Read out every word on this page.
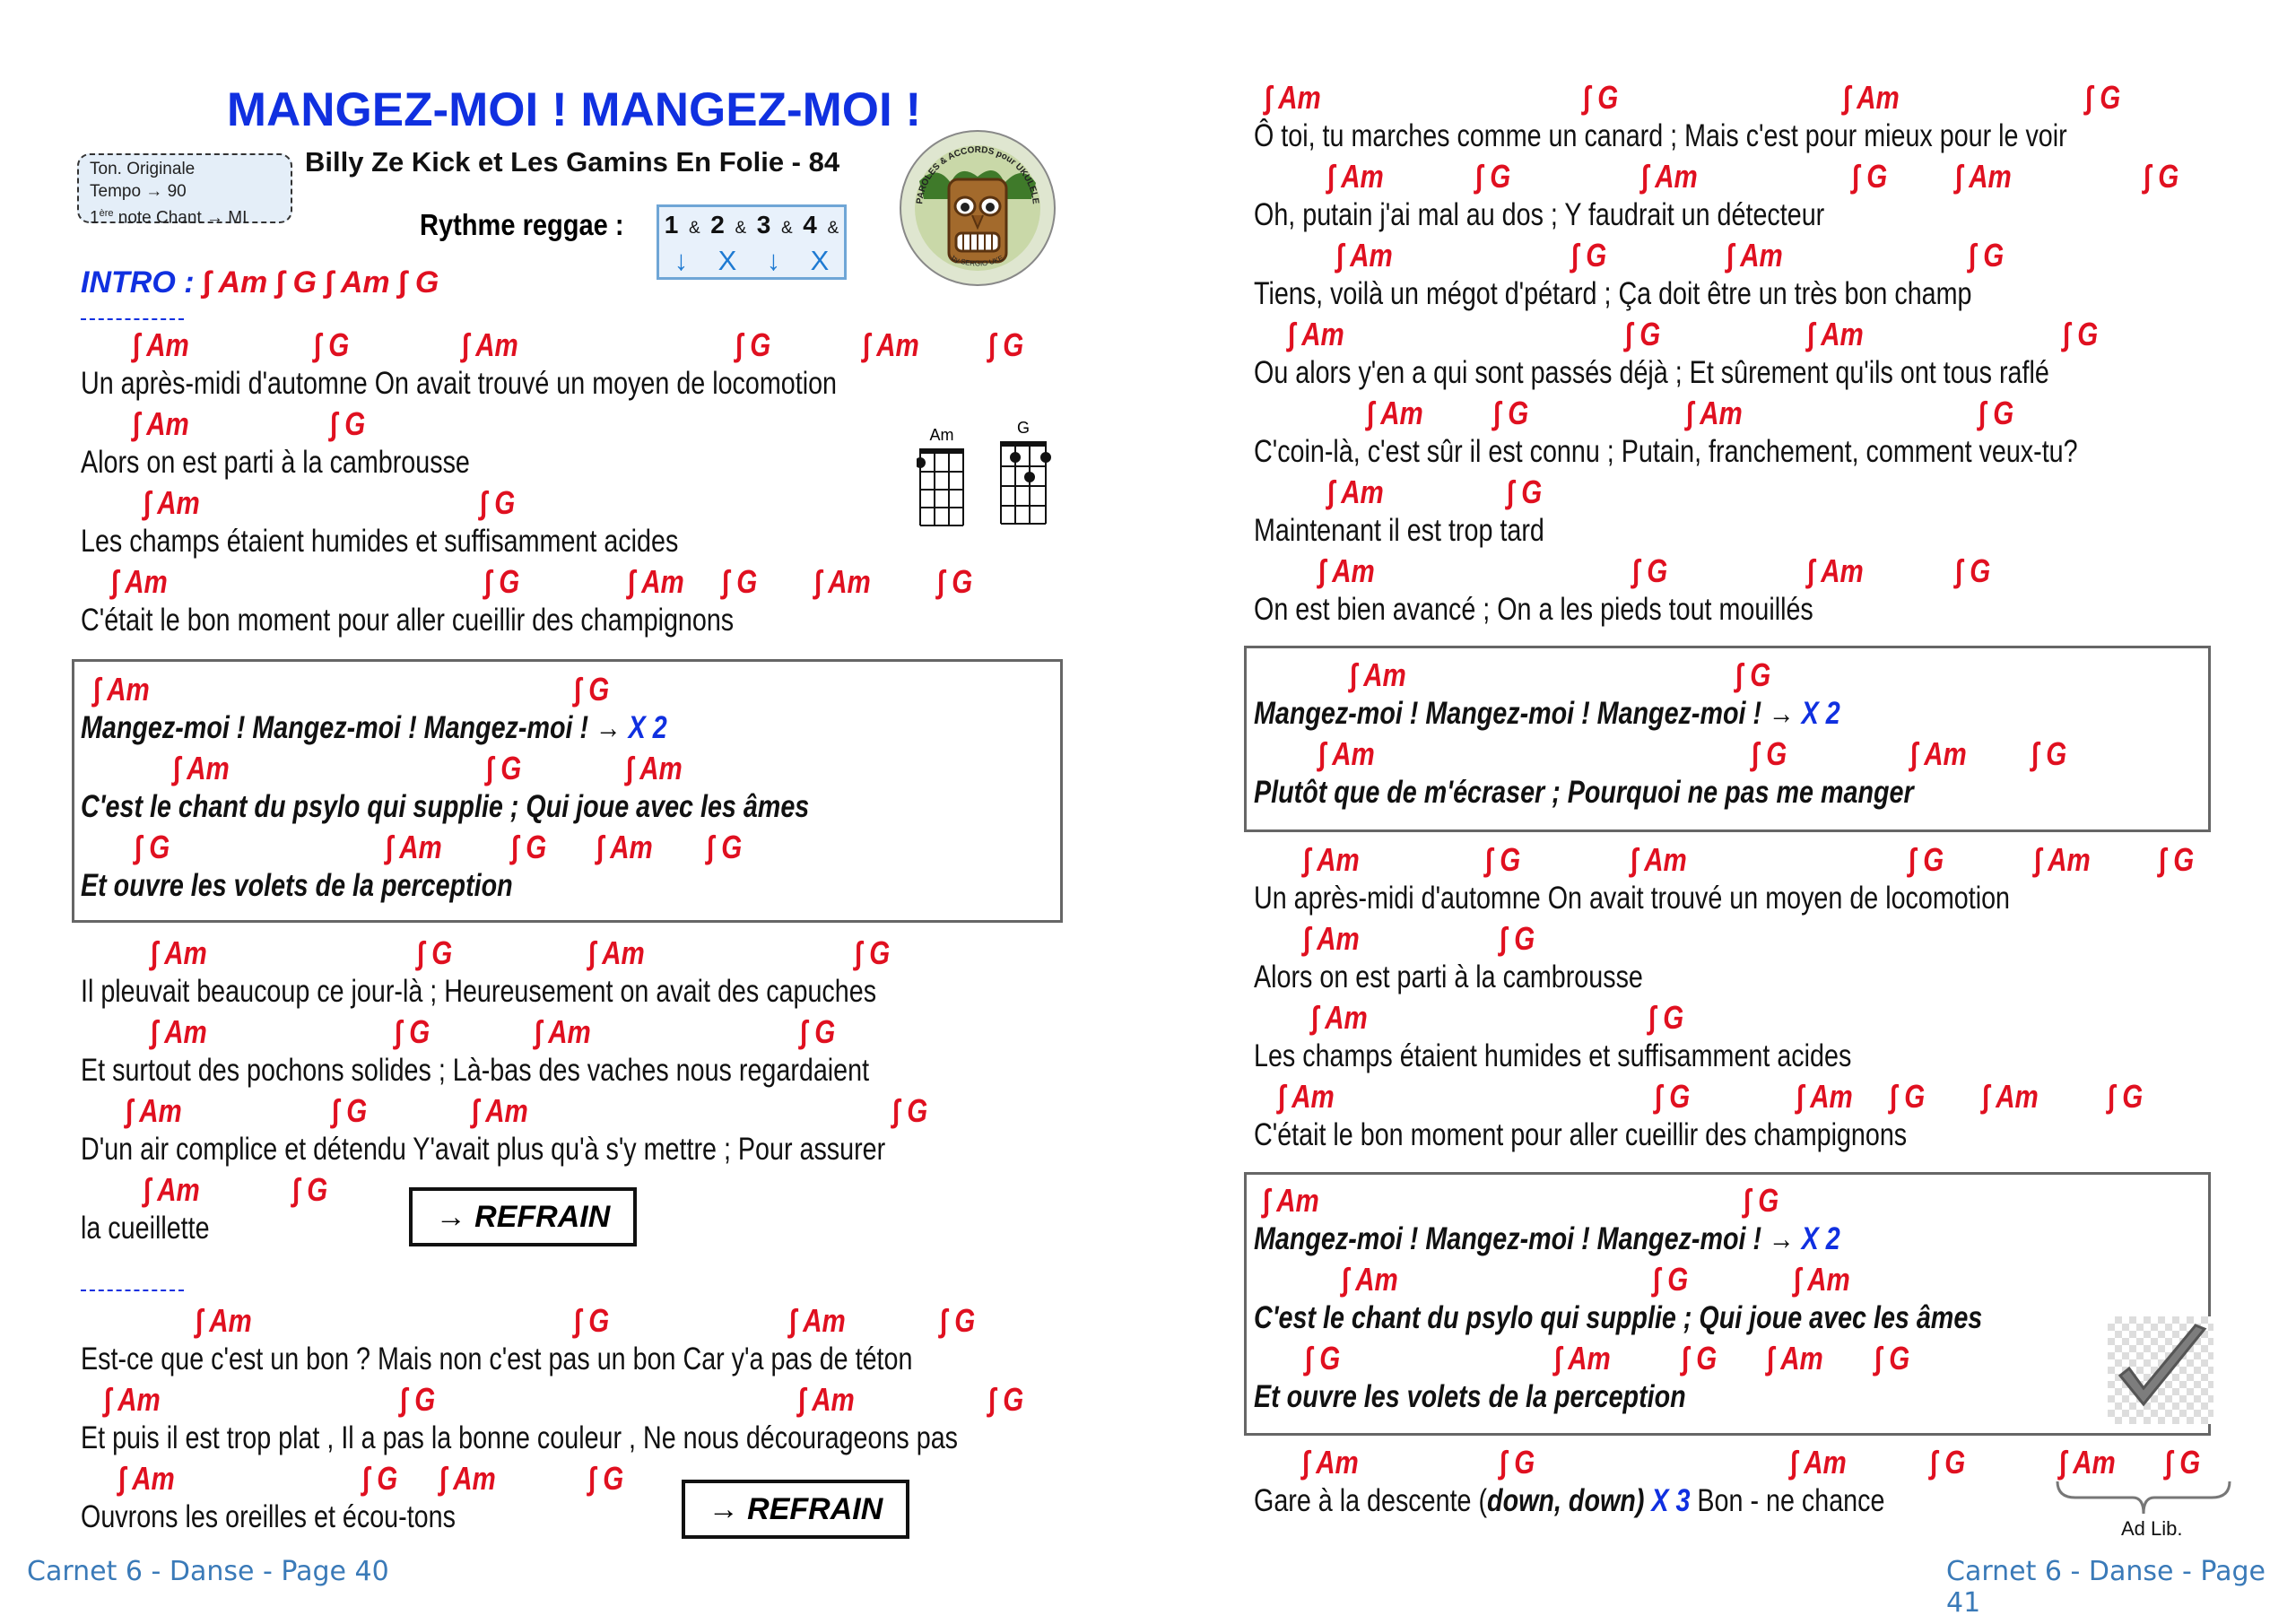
MANGEZ-MOI ! MANGEZ-MOI !
Ton. Originale
Tempo → 90
1ère note Chant → MI
Billy Ze Kick et Les Gamins En Folie - 84
Rythme reggae : 1 & 2 & 3 & 4 &
↓ X ↓ X
PAROLES & ACCORDS pour UKULELE
by SERGIO UKE
INTRO : ∫ Am ∫ G ∫ Am ∫ G
Am	G
→ REFRAIN
→ REFRAIN
Carnet 6 - Danse - Page 40	Carnet 6 - Danse - Page 41
Ad Lib.
∫ Am	∫ G	∫ Am	∫ G	∫ Am ∫ G
Un après-midi d'automne On avait trouvé un moyen de locomotion
∫ Am	∫ G
Alors on est parti à la cambrousse
∫ Am	∫ G
Les champs étaient humides et suffisamment acides
∫ Am	∫ G	∫ Am ∫ G ∫ Am ∫ G
C'était le bon moment pour aller cueillir des champignons
∫ Am	∫ G
Mangez-moi ! Mangez-moi ! Mangez-moi ! → X 2
∫ Am	∫ G	∫ Am
C'est le chant du psylo qui supplie ; Qui joue avec les âmes
∫ G	∫ Am ∫ G ∫ Am ∫ G
Et ouvre les volets de la perception
∫ Am	∫ G	∫ Am	∫ G
Il pleuvait beaucoup ce jour-là ; Heureusement on avait des capuches
∫ Am	∫ G	∫ Am	∫ G
Et surtout des pochons solides ; Là-bas des vaches nous regardaient
∫ Am	∫ G	∫ Am	∫ G
D'un air complice et détendu Y'avait plus qu'à s'y mettre ; Pour assurer
∫ Am	∫ G
la cueillette
∫ Am	∫ G	∫ Am	∫ G
Est-ce que c'est un bon ? Mais non c'est pas un bon Car y'a pas de téton
∫ Am	∫ G	∫ Am	∫ G
Et puis il est trop plat , Il a pas la bonne couleur , Ne nous décourageons pas
∫ Am	∫ G ∫ Am	∫ G
Ouvrons les oreilles et écou-tons
∫ Am	∫ G	∫ Am	∫ G
Ô toi, tu marches comme un canard ; Mais c'est pour mieux pour le voir
∫ Am	∫ G	∫ Am	∫ G ∫ Am	∫ G
Oh, putain j'ai mal au dos ; Y faudrait un détecteur
∫ Am	∫ G	∫ Am	∫ G
Tiens, voilà un mégot d'pétard ; Ça doit être un très bon champ
∫ Am	∫ G	∫ Am	∫ G
Ou alors y'en a qui sont passés déjà ; Et sûrement qu'ils ont tous raflé
∫ Am ∫ G	∫ Am	∫ G
C'coin-là, c'est sûr il est connu ; Putain, franchement, comment veux-tu?
∫ Am	∫ G
Maintenant il est trop tard
∫ Am	∫ G	∫ Am	∫ G
On est bien avancé ; On a les pieds tout mouillés
∫ Am	∫ G
Mangez-moi ! Mangez-moi ! Mangez-moi ! → X 2
∫ Am	∫ G	∫ Am ∫ G
Plutôt que de m'écraser ; Pourquoi ne pas me manger
∫ Am	∫ G	∫ Am	∫ G	∫ Am ∫ G
Un après-midi d'automne On avait trouvé un moyen de locomotion
∫ Am	∫ G
Alors on est parti à la cambrousse
∫ Am	∫ G
Les champs étaient humides et suffisamment acides
∫ Am	∫ G	∫ Am ∫ G ∫ Am ∫ G
C'était le bon moment pour aller cueillir des champignons
∫ Am	∫ G
Mangez-moi ! Mangez-moi ! Mangez-moi ! → X 2
∫ Am	∫ G	∫ Am
C'est le chant du psylo qui supplie ; Qui joue avec les âmes
∫ G	∫ Am ∫ G ∫ Am ∫ G
Et ouvre les volets de la perception
∫ Am	∫ G	∫ Am	∫ G	∫ Am ∫ G
Gare à la descente (down, down) X 3 Bon - ne chance
